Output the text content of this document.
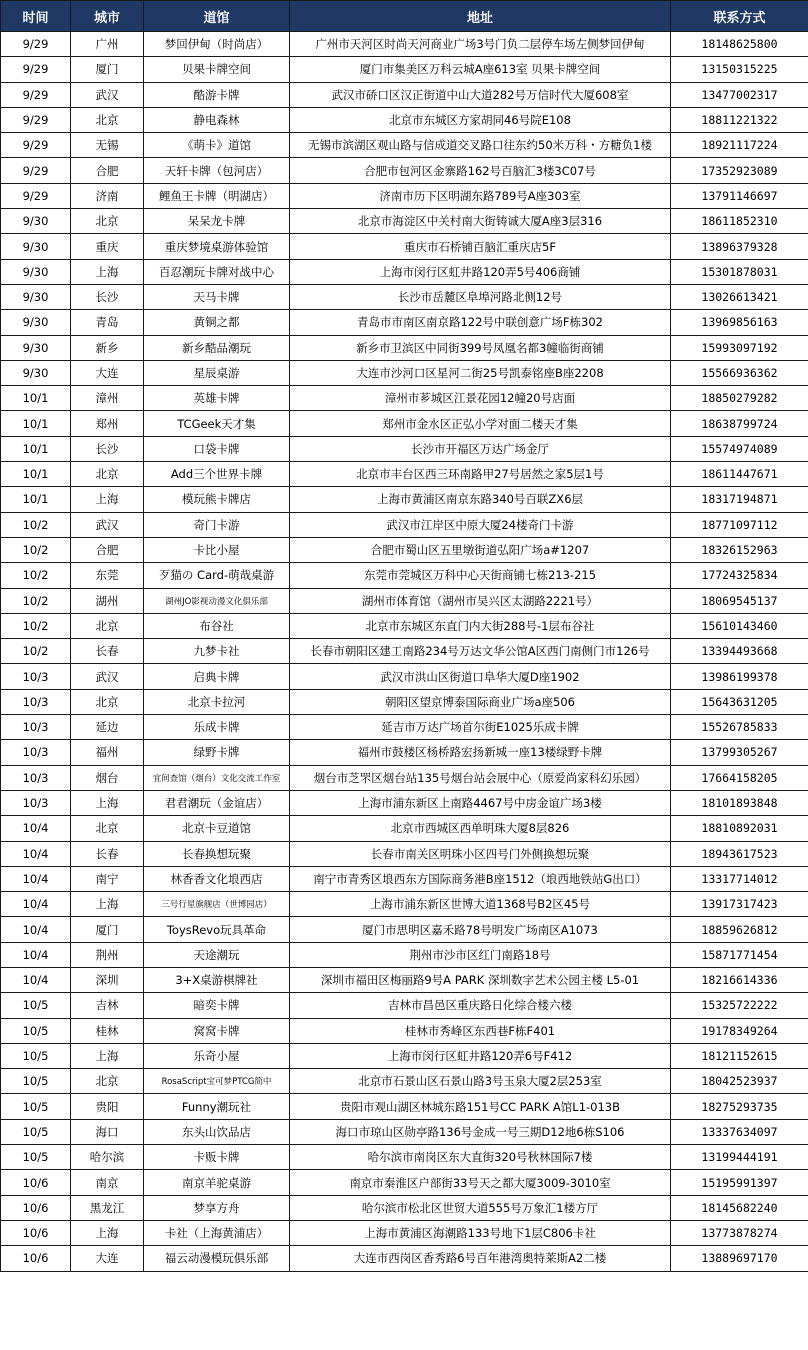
时间	城市	道馆	地址	联系方式
9/29	广州	梦回伊甸（时尚店）	广州市天河区时尚天河商业广场3号门负二层停车场左侧梦回伊甸	18148625800
9/29	厦门	贝果卡牌空间	厦门市集美区万科云城A座613室 贝果卡牌空间	13150315225
9/29	武汉	酷游卡牌	武汉市硚口区汉正街道中山大道282号万信时代大厦608室	13477002317
9/29	北京	静电森林	北京市东城区方家胡同46号院E108	18811221322
9/29	无锡	《萌卡》道馆	无锡市滨湖区观山路与信成道交叉路口往东约50米万科・方糖负1楼	18921117224
9/29	合肥	天轩卡牌（包河店）	合肥市包河区金寨路162号百脑汇3楼3C07号	17352923089
9/29	济南	鲤鱼王卡牌（明湖店）	济南市历下区明湖东路789号A座303室	13791146697
9/30	北京	呆呆龙卡牌	北京市海淀区中关村南大街铸诚大厦A座3层316	18611852310
9/30	重庆	重庆梦境桌游体验馆	重庆市石桥铺百脑汇重庆店5F	13896379328
9/30	上海	百忍潮玩卡牌对战中心	上海市闵行区虹井路120弄5号406商铺	15301878031
9/30	长沙	天马卡牌	长沙市岳麓区阜埠河路北侧12号	13026613421
9/30	青岛	黄铜之都	青岛市市南区南京路122号中联创意广场F栋302	13969856163
9/30	新乡	新乡酷品潮玩	新乡市卫滨区中同街399号凤凰名都3幢临街商铺	15993097192
9/30	大连	星辰桌游	大连市沙河口区星河二街25号凯泰铭座B座2208	15566936362
10/1	漳州	英雄卡牌	漳州市芗城区江景花园12幢20号店面	18850279282
10/1	郑州	TCGeek天才集	郑州市金水区正弘小学对面二楼天才集	18638799724
10/1	长沙	口袋卡牌	长沙市开福区万达广场金厅	15574974089
10/1	北京	Add三个世界卡牌	北京市丰台区西三环南路甲27号居然之家5层1号	18611447671
10/1	上海	模玩熊卡牌店	上海市黄浦区南京东路340号百联ZX6层	18317194871
10/2	武汉	奇门卡游	武汉市江岸区中原大厦24楼奇门卡游	18771097112
10/2	合肥	卡比小屋	合肥市蜀山区五里墩街道弘阳广场a#1207	18326152963
10/2	东莞	歹猫の Card-萌哉桌游	东莞市莞城区万科中心天街商铺七栋213-215	17724325834
10/2	湖州	湖州JO影视动漫文化俱乐部	湖州市体育馆（湖州市吴兴区太湖路2221号）	18069545137
10/2	北京	布谷社	北京市东城区东直门内大街288号-1层布谷社	15610143460
10/2	长春	九梦卡社	长春市朝阳区建工南路234号万达文华公馆A区西门南侧门市126号	13394493668
10/3	武汉	启典卡牌	武汉市洪山区街道口阜华大厦D座1902	13986199378
10/3	北京	北京卡拉河	朝阳区望京博泰国际商业广场a座506	15643631205
10/3	延边	乐成卡牌	延吉市万达广场首尔街E1025乐成卡牌	15526785833
10/3	福州	绿野卡牌	福州市鼓楼区杨桥路宏扬新城一座13楼绿野卡牌	13799305267
10/3	烟台	宜间查馆（烟台）文化交流工作室	烟台市芝罘区烟台站135号烟台站会展中心（原爱尚家科幻乐园）	17664158205
10/3	上海	君君潮玩（金谊店）	上海市浦东新区上南路4467号中房金谊广场3楼	18101893848
10/4	北京	北京卡豆道馆	北京市西城区西单明珠大厦8层826	18810892031
10/4	长春	长春换想玩聚	长春市南关区明珠小区四号门外侧换想玩聚	18943617523
10/4	南宁	林香香文化埌西店	南宁市青秀区埌西东方国际商务港B座1512（埌西地铁站G出口）	13317714012
10/4	上海	三号行星旗舰店（世博园店）	上海市浦东新区世博大道1368号B2区45号	13917317423
10/4	厦门	ToysRevo玩具革命	厦门市思明区嘉禾路78号明发广场南区A1073	18859626812
10/4	荆州	天途潮玩	荆州市沙市区红门南路18号	15871771454
10/4	深圳	3+X桌游棋牌社	深圳市福田区梅丽路9号A PARK 深圳数字艺术公园主楼 L5-01	18216614336
10/5	吉林	暗奕卡牌	吉林市昌邑区重庆路日化综合楼六楼	15325722222
10/5	桂林	窝窝卡牌	桂林市秀峰区东西巷F栋F401	19178349264
10/5	上海	乐奇小屋	上海市闵行区虹井路120弄6号F412	18121152615
10/5	北京	RosaScript宝可梦PTCG简中	北京市石景山区石景山路3号玉泉大厦2层253室	18042523937
10/5	贵阳	Funny潮玩社	贵阳市观山湖区林城东路151号CC PARK A馆L1-013B	18275293735
10/5	海口	东头山饮品店	海口市琼山区勋亭路136号金成一号三期D12地6栋S106	13337634097
10/5	哈尔滨	卡贩卡牌	哈尔滨市南岗区东大直街320号秋林国际7楼	13199444191
10/6	南京	南京羊驼桌游	南京市秦淮区户部街33号天之都大厦3009-3010室	15195991397
10/6	黑龙江	梦享方舟	哈尔滨市松北区世贸大道555号万象汇1楼方厅	18145682240
10/6	上海	卡社（上海黄浦店）	上海市黄浦区海潮路133号地下1层C806卡社	13773878274
10/6	大连	福云动漫模玩俱乐部	大连市西岗区香秀路6号百年港湾奥特莱斯A2二楼	13889697170
